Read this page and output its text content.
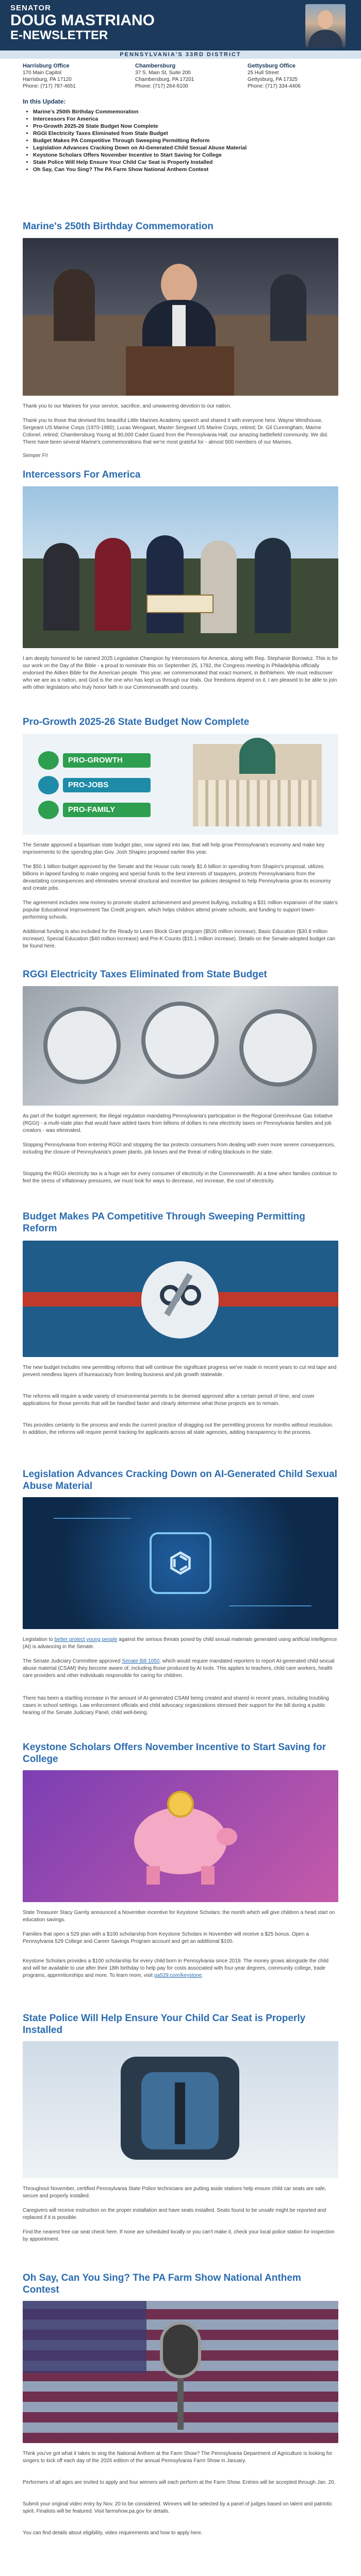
SENATOR
DOUG MASTRIANO
E-NEWSLETTER
PENNSYLVANIA'S 33RD DISTRICT
Harrisburg Office
170 Main Capitol
Harrisburg, PA 17120
Phone: (717) 787-4651
Chambersburg
37 S. Main St, Suite 200
Chambersburg, PA 17201
Phone: (717) 264-6100
Gettysburg Office
25 Hull Street
Gettysburg, PA 17325
Phone: (717) 334-4406
In this Update:
• Marine's 250th Birthday Commemoration
• Intercessors For America
• Pro-Growth 2025-26 State Budget Now Complete
• RGGI Electricity Taxes Eliminated from State Budget
• Budget Makes PA Competitive Through Sweeping Permitting Reform
• Legislation Advances Cracking Down on AI-Generated Child Sexual Abuse Material
• Keystone Scholars Offers November Incentive to Start Saving for College
• State Police Will Help Ensure Your Child Car Seat is Properly Installed
• Oh Say, Can You Sing? The PA Farm Show National Anthem Contest
Marine's 250th Birthday Commemoration
Thank you to our Marines for your service, sacrifice, and unwavering devotion to our nation.
Thank you to those that devised this beautiful Little Marines Academy speech and shared it with everyone here. Wayne Westhouse, Sergeant US Marine Corps (1970-1980); Lucas Wengwart, Master Sergeant US Marine Corps, retired; Dr. Gil Cunningham, Marine Colonel, retired; Chambersburg Young at 80,000 Cadet Guard from the Pennsylvania Hall; our amazing battlefield community. We did. There have been several Marine's commemorations that we're most grateful for - almost 500 members of our Marines.
Semper Fi!
Intercessors For America
I am deeply honored to be named 2025 Legislative Champion by Intercessors for America, along with Rep. Stephanie Borowicz. This is for our work on the Day of the Bible - a proud to nominate this on September 25, 1782, the Congress meeting in Philadelphia officially endorsed the Aitken Bible for the American people. This year, we commemorated that exact moment, in Bethlehem. We must rediscover who we are as a nation, and God is the one who has kept us through our trials. Our freedoms depend on it. I am pleased to be able to join with other legislators who truly honor faith in our Commonwealth and country.
Pro-Growth 2025-26 State Budget Now Complete
PRO-GROWTH
PRO-JOBS
PRO-FAMILY
The Senate approved a bipartisan state budget plan, now signed into law, that will help grow Pennsylvania's economy and make key improvements to the spending plan Gov. Josh Shapiro proposed earlier this year.
The $50.1 billion budget approved by the Senate and the House cuts nearly $1.6 billion in spending from Shapiro's proposal, utilizes billions in lapsed funding to make ongoing and special funds to the best interests of taxpayers, protects Pennsylvanians from the devastating consequences and eliminates several structural and incentive tax policies designed to help Pennsylvania grow its economy and create jobs.
The agreement includes new money to promote student achievement and prevent bullying, including a $31 million expansion of the state's popular Educational Improvement Tax Credit program, which helps children attend private schools, and funding to support lower-performing schools.
Additional funding is also included for the Ready to Learn Block Grant program ($526 million increase), Basic Education ($30.8 million increase), Special Education ($40 million increase) and Pre-K Counts ($15.1 million increase). Details on the Senate-adopted budget can be found here.
RGGI Electricity Taxes Eliminated from State Budget
As part of the budget agreement, the illegal regulation mandating Pennsylvania's participation in the Regional Greenhouse Gas Initiative (RGGI) - a multi-state plan that would have added taxes from billions of dollars to new electricity taxes on Pennsylvania families and job creators - was eliminated.
Stopping Pennsylvania from entering RGGI and stopping the tax protects consumers from dealing with even more severe consequences, including the closure of Pennsylvania's power plants, job losses and the threat of rolling blackouts in the state.
Stopping the RGGI electricity tax is a huge win for every consumer of electricity in the Commonwealth. At a time when families continue to feel the stress of inflationary pressures, we must look for ways to decrease, not increase, the cost of electricity.
Budget Makes PA Competitive Through Sweeping Permitting Reform
The new budget includes new permitting reforms that will continue the significant progress we've made in recent years to cut red tape and prevent needless layers of bureaucracy from limiting business and job growth statewide.
The reforms will require a wide variety of environmental permits to be deemed approved after a certain period of time, and cover applications for those permits that will be handled faster and clearly determine what those projects are to remain.
This provides certainty to the process and ends the current practice of dragging out the permitting process for months without resolution. In addition, the reforms will require permit tracking for applicants across all state agencies, adding transparency to the process.
Legislation Advances Cracking Down on AI-Generated Child Sexual Abuse Material
⌬
Legislation to better protect young people against the serious threats posed by child sexual materials generated using artificial intelligence (AI) is advancing in the Senate.
The Senate Judiciary Committee approved Senate Bill 1050, which would require mandated reporters to report AI-generated child sexual abuse material (CSAM) they become aware of, including those produced by AI tools. This applies to teachers, child care workers, health care providers and other individuals responsible for caring for children.
There has been a startling increase in the amount of AI-generated CSAM being created and shared in recent years, including troubling cases in school settings. Law enforcement officials and child advocacy organizations stressed their support for the bill during a public hearing of the Senate Judiciary Panel, child well-being.
Keystone Scholars Offers November Incentive to Start Saving for College
State Treasurer Stacy Garrity announced a November incentive for Keystone Scholars: the month which will give children a head start on education savings.
Families that open a 529 plan with a $100 scholarship from Keystone Scholars in November will receive a $25 bonus. Open a Pennsylvania 529 College and Career Savings Program account and get an additional $100.
Keystone Scholars provides a $100 scholarship for every child born in Pennsylvania since 2019. The money grows alongside the child and will be available to use after their 18th birthday to help pay for costs associated with four-year degrees, community college, trade programs, apprenticeships and more. To learn more, visit pa529.com/keystone.
State Police Will Help Ensure Your Child Car Seat is Properly Installed
Throughout November, certified Pennsylvania State Police technicians are putting aside stations help ensure child car seats are safe, secure and properly installed.
Caregivers will receive instruction on the proper installation and have seats installed. Seats found to be unsafe might be reported and replaced if it is possible.
Find the nearest free car seat check here. If none are scheduled locally or you can't make it, check your local police station for inspection by appointment.
Oh Say, Can You Sing? The PA Farm Show National Anthem Contest
Think you've got what it takes to sing the National Anthem at the Farm Show? The Pennsylvania Department of Agriculture is looking for singers to kick off each day of the 2026 edition of the annual Pennsylvania Farm Show in January.
Performers of all ages are invited to apply and four winners will each perform at the Farm Show. Entries will be accepted through Jan. 20.
Submit your original video entry by Nov. 20 to be considered. Winners will be selected by a panel of judges based on talent and patriotic spirit. Finalists will be featured. Visit farmshow.pa.gov for details.
You can find details about eligibility, video requirements and how to apply here.
